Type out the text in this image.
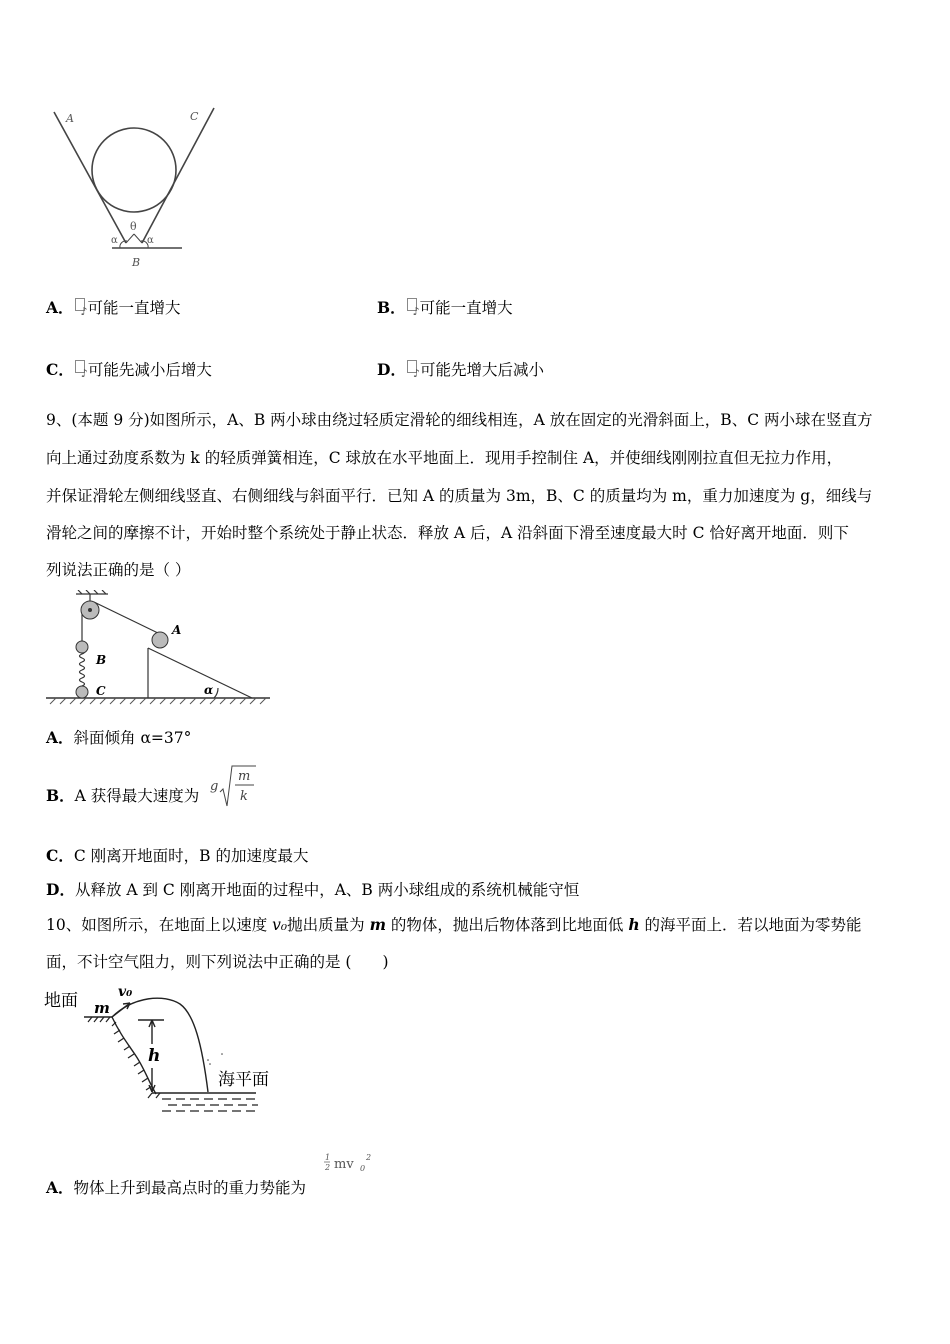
A	C
θ
α	α
B
A． ♪ 可能一直增大	B． ♪ 可能一直增大
C． ♪ 可能先减小后增大	D． ♪ 可能先增大后减小
9、(本题 9 分)如图所示，A、B 两小球由绕过轻质定滑轮的细线相连，A 放在固定的光滑斜面上，B、C 两小球在竖直方
向上通过劲度系数为 k 的轻质弹簧相连，C 球放在水平地面上．现用手控制住 A，并使细线刚刚拉直但无拉力作用，
并保证滑轮左侧细线竖直、右侧细线与斜面平行．已知 A 的质量为 3m，B、C 的质量均为 m，重力加速度为 g，细线与
滑轮之间的摩擦不计，开始时整个系统处于静止状态．释放 A 后，A 沿斜面下滑至速度最大时 C 恰好离开地面．则下
列说法正确的是（ ）
A
B
C	α
A．斜面倾角 α=37°
B．A 获得最大速度为
g
m
k
C．C 刚离开地面时，B 的加速度最大
D．从释放 A 到 C 刚离开地面的过程中，A、B 两小球组成的系统机械能守恒
10、如图所示，在地面上以速度 v₀抛出质量为 m 的物体，抛出后物体落到比地面低 h 的海平面上．若以地面为零势能
面，不计空气阻力，则下列说法中正确的是 (　　)
地面 m
v₀
h
海平面
A．物体上升到最高点时的重力势能为
1
2 mv 0
2
